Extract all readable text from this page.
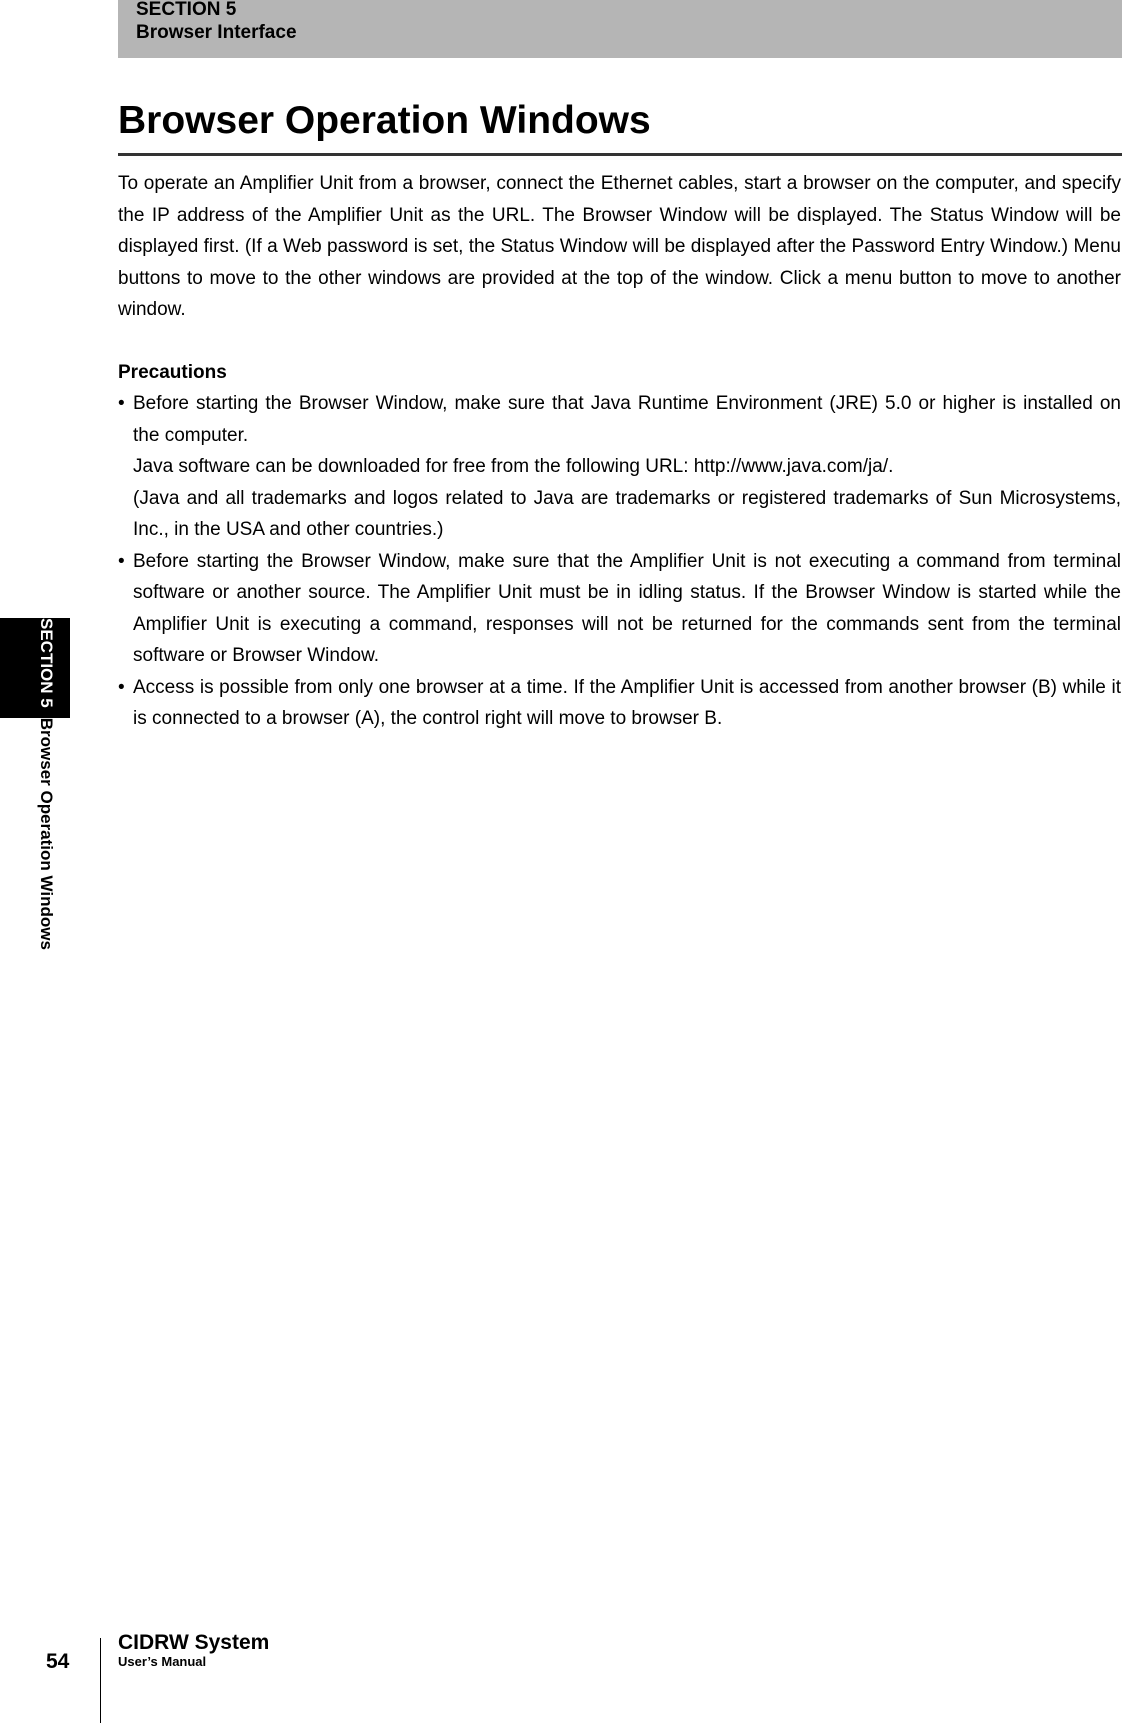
SECTION 5
Browser Interface
Browser Operation Windows

To operate an Amplifier Unit from a browser, connect the Ethernet cables, start a browser on the computer, and specify the IP address of the Amplifier Unit as the URL. The Browser Window will be displayed. The Status Window will be displayed first. (If a Web password is set, the Status Window will be displayed after the Password Entry Window.) Menu buttons to move to the other windows are provided at the top of the window. Click a menu button to move to another window.

Precautions
• Before starting the Browser Window, make sure that Java Runtime Environment (JRE) 5.0 or higher is installed on the computer.

Java software can be downloaded for free from the following URL: http://www.java.com/ja/.

(Java and all trademarks and logos related to Java are trademarks or registered trademarks of Sun Microsystems, Inc., in the USA and other countries.)

• Before starting the Browser Window, make sure that the Amplifier Unit is not executing a command from terminal software or another source. The Amplifier Unit must be in idling status. If the Browser Window is started while the Amplifier Unit is executing a command, responses will not be returned for the commands sent from the terminal software or Browser Window.

• Access is possible from only one browser at a time. If the Amplifier Unit is accessed from another browser (B) while it is connected to a browser (A), the control right will move to browser B.

SECTION 5Browser Operation Windows
54
CIDRW System
User’s Manual
